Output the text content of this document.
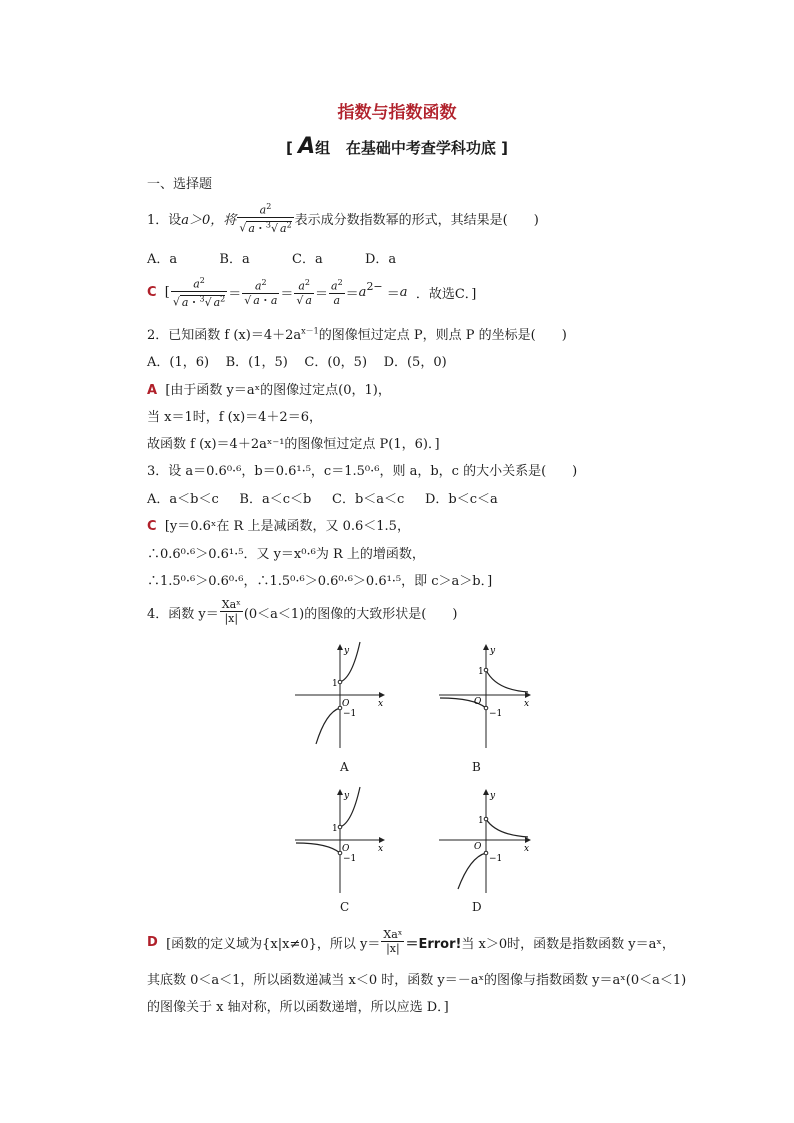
指数与指数函数
[ A组 在基础中考查学科功底 ]
一、选择题
1．设 a＞0，将 $\frac{a^2}{√ a・^3√ a^2}$ 表示成分数指数幂的形式，其结果是(　　)
A．a	B．a	C．a	D．a
C [ $\frac{a^2}{√ a・^3√ a^2} = \frac{a^2}{√ a・a} = \frac{a^2}{√ a} = \frac{a^2}{a} = a^{2-}$
＝ a
．故选C．]
2．已知函数 f $(x)=4+2a^{x-1}$的图像恒过定点 P，则点 P 的坐标是(　　)
A．(1，6) B．(1，5) C．(0，5) D．(5，0)
A [由于函数 y＝aˣ的图像过定点(0，1)，
当 x＝1时，f (x)＝4＋2＝6，
故函数 f (x)＝4＋2aˣ⁻¹的图像恒过定点 P(1，6)．]
3．设 a＝0.6⁰·⁶，b＝0.6¹·⁵，c＝1.5⁰·⁶，则 a，b，c 的大小关系是(　　)
A．a＜b＜c B．a＜c＜b C．b＜a＜c D．b＜c＜a
C [y＝0.6ˣ在 R 上是减函数，又 0.6＜1.5，
∴0.6⁰·⁶＞0.6¹·⁵．又 y＝x⁰·⁶为 R 上的增函数，
∴1.5⁰·⁶＞0.6⁰·⁶，∴1.5⁰·⁶＞0.6⁰·⁶＞0.6¹·⁵，即 c＞a＞b．]
4．函数 $y= \frac{\text{Xaˣ}}{|x|} (0<a<1)$的图像的大致形状是(　　)
y
x
O
1
−1
A
y
x
O
1
−1
B
y
x
O
1
−1
C
y
x
O
1
−1
D
D
[函数的定义域为{x|x≠0}，所以 $y= \frac{\text{Xaˣ}}{|x|}$ ＝Error! 当 x＞0时，函数是指数函数 y＝aˣ，
其底数 0＜a＜1，所以函数递减当 x＜0 时，函数 y＝－aˣ的图像与指数函数 y＝aˣ(0＜a＜1)
的图像关于 x 轴对称，所以函数递增，所以应选 D．]
